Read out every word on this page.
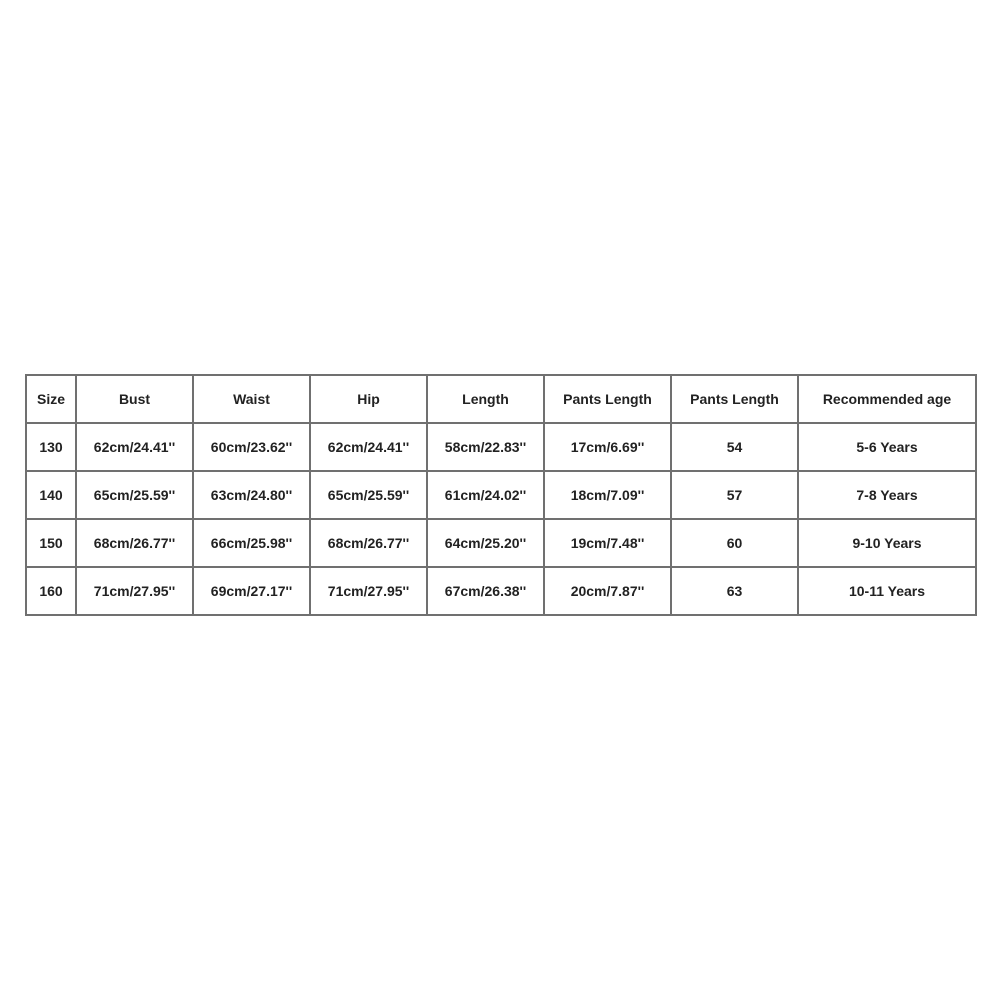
Size	Bust	Waist	Hip	Length	Pants Length	Pants Length	Recommended age
130	62cm/24.41''	60cm/23.62''	62cm/24.41''	58cm/22.83''	17cm/6.69''	54	5-6 Years
140	65cm/25.59''	63cm/24.80''	65cm/25.59''	61cm/24.02''	18cm/7.09''	57	7-8 Years
150	68cm/26.77''	66cm/25.98''	68cm/26.77''	64cm/25.20''	19cm/7.48''	60	9-10 Years
160	71cm/27.95''	69cm/27.17''	71cm/27.95''	67cm/26.38''	20cm/7.87''	63	10-11 Years
